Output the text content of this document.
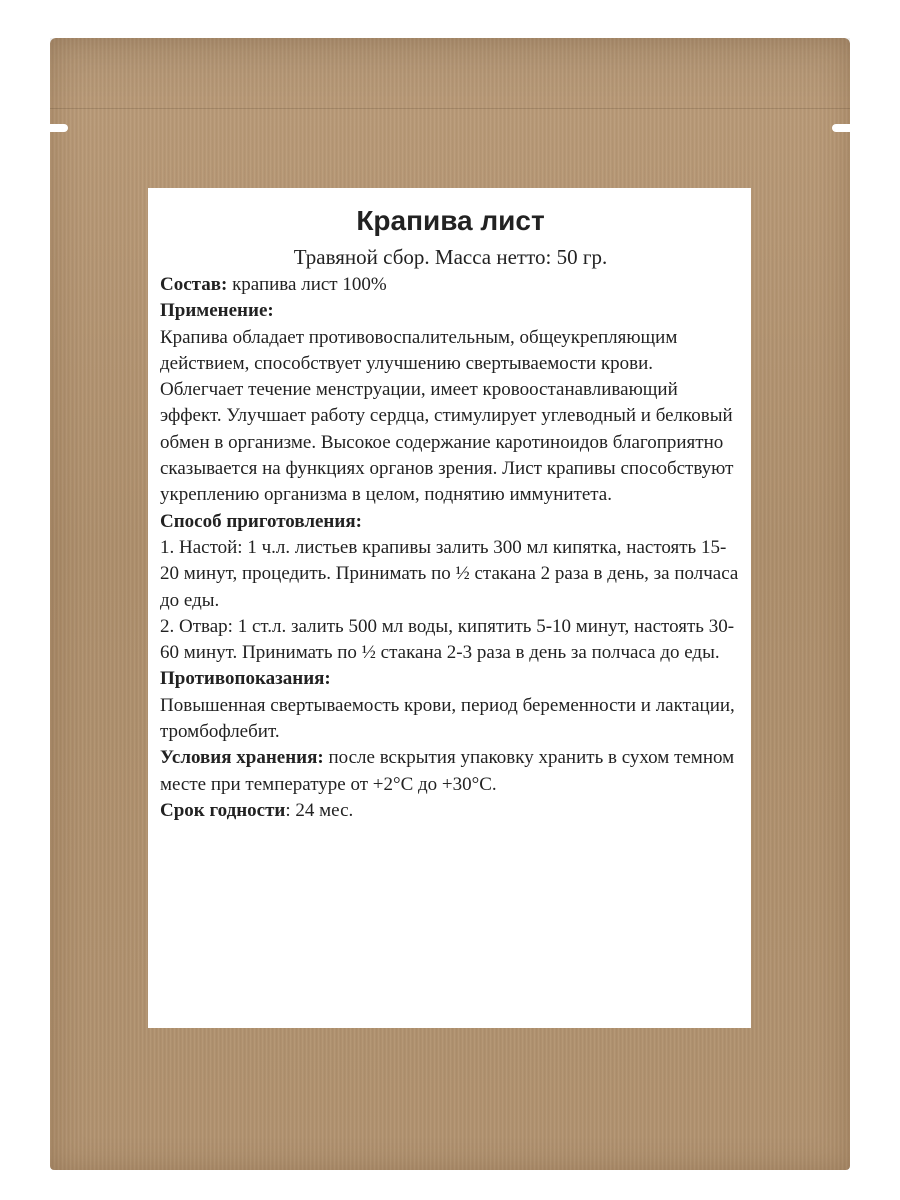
Крапива лист
Травяной сбор. Масса нетто: 50 гр.

Состав: крапива лист 100%

Применение:

Крапива обладает противовоспалительным, общеукрепляющим действием, способствует улучшению свертываемости крови. Облегчает течение менструации, имеет кровоостанавливающий эффект. Улучшает работу сердца, стимулирует углеводный и белковый обмен в организме. Высокое содержание каротиноидов благоприятно сказывается на функциях органов зрения. Лист крапивы способствуют укреплению организма в целом, поднятию иммунитета.

Способ приготовления:

1. Настой: 1 ч.л. листьев крапивы залить 300 мл кипятка, настоять 15-20 минут, процедить. Принимать по ½ стакана 2 раза в день, за полчаса до еды.

2. Отвар: 1 ст.л. залить 500 мл воды, кипятить 5-10 минут, настоять 30-60 минут. Принимать по ½ стакана 2-3 раза в день за полчаса до еды.

Противопоказания:

Повышенная свертываемость крови, период беременности и лактации, тромбофлебит.

Условия хранения: после вскрытия упаковку хранить в сухом темном месте при температуре от +2°С до +30°С.

Срок годности: 24 мес.
